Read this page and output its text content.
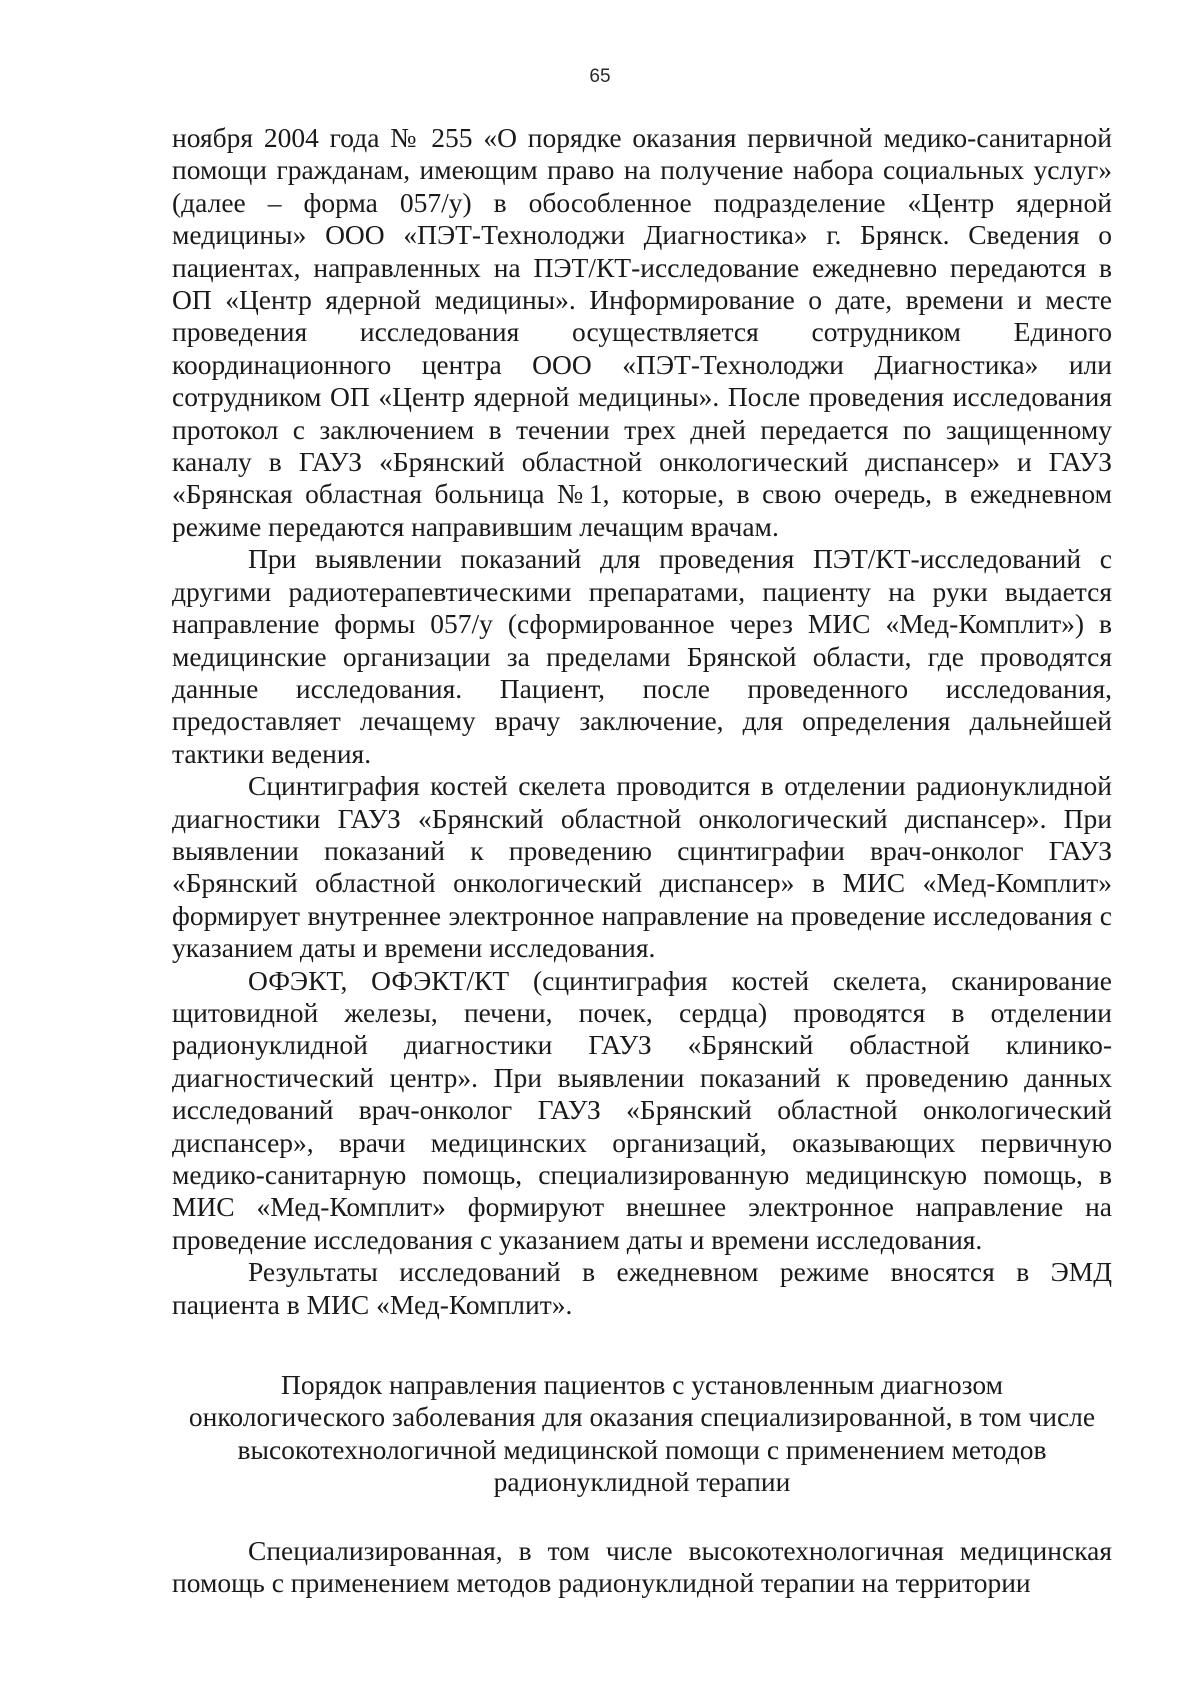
65

ноября 2004 года № 255 «О порядке оказания первичной медико-санитарной помощи гражданам, имеющим право на получение набора социальных услуг» (далее – форма 057/у) в обособленное подразделение «Центр ядерной медицины» ООО «ПЭТ-Технолоджи Диагностика» г. Брянск. Сведения о пациентах, направленных на ПЭТ/КТ-исследование ежедневно передаются в ОП «Центр ядерной медицины». Информирование о дате, времени и месте проведения исследования осуществляется сотрудником Единого координационного центра ООО «ПЭТ-Технолоджи Диагностика» или сотрудником ОП «Центр ядерной медицины». После проведения исследования протокол с заключением в течении трех дней передается по защищенному каналу в ГАУЗ «Брянский областной онкологический диспансер» и ГАУЗ «Брянская областная больница №1, которые, в свою очередь, в ежедневном режиме передаются направившим лечащим врачам.

При выявлении показаний для проведения ПЭТ/КТ-исследований с другими радиотерапевтическими препаратами, пациенту на руки выдается направление формы 057/у (сформированное через МИС «Мед-Комплит») в медицинские организации за пределами Брянской области, где проводятся данные исследования. Пациент, после проведенного исследования, предоставляет лечащему врачу заключение, для определения дальнейшей тактики ведения.

Сцинтиграфия костей скелета проводится в отделении радионуклидной диагностики ГАУЗ «Брянский областной онкологический диспансер». При выявлении показаний к проведению сцинтиграфии врач-онколог ГАУЗ «Брянский областной онкологический диспансер» в МИС «Мед-Комплит» формирует внутреннее электронное направление на проведение исследования с указанием даты и времени исследования.

ОФЭКТ, ОФЭКТ/КТ (сцинтиграфия костей скелета, сканирование щитовидной железы, печени, почек, сердца) проводятся в отделении радионуклидной диагностики ГАУЗ «Брянский областной клинико-диагностический центр». При выявлении показаний к проведению данных исследований врач-онколог ГАУЗ «Брянский областной онкологический диспансер», врачи медицинских организаций, оказывающих первичную медико-санитарную помощь, специализированную медицинскую помощь, в МИС «Мед-Комплит» формируют внешнее электронное направление на проведение исследования с указанием даты и времени исследования.

Результаты исследований в ежедневном режиме вносятся в ЭМД пациента в МИС «Мед-Комплит».

Порядок направления пациентов с установленным диагнозом
онкологического заболевания для оказания специализированной, в том числе
высокотехнологичной медицинской помощи с применением методов
радионуклидной терапии

Специализированная, в том числе высокотехнологичная медицинская помощь с применением методов радионуклидной терапии на территории
